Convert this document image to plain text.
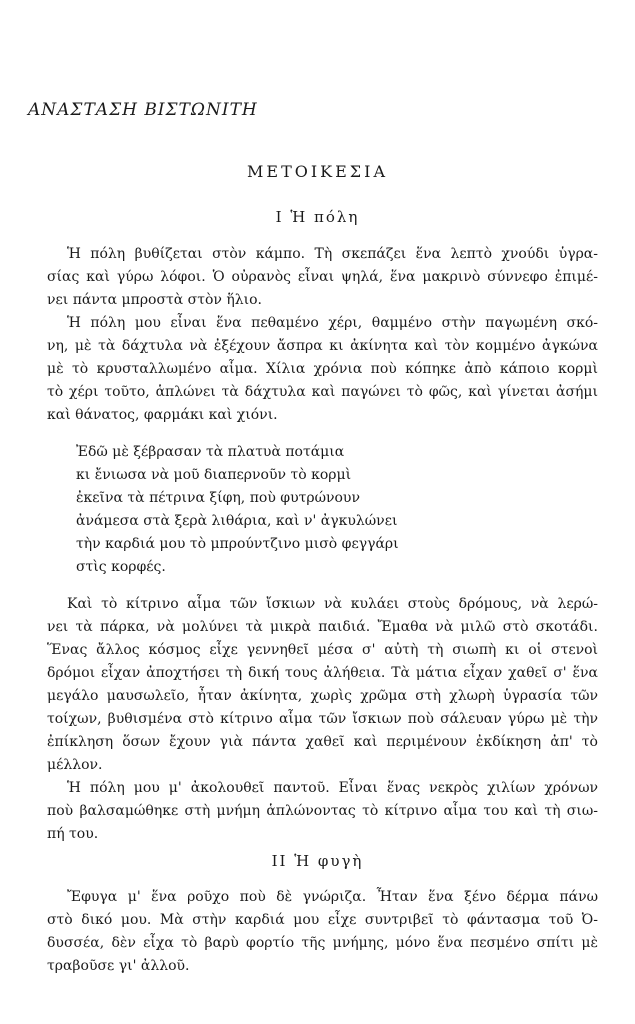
ΑΝΑΣΤΑΣΗ ΒΙΣΤΩΝΙΤΗ
ΜΕΤΟΙΚΕΣΙΑ
I Ἡ πόλη
Ἡ πόλη βυθίζεται στὸν κάμπο. Τὴ σκεπάζει ἕνα λεπτὸ χνούδι ὑγρα-
σίας καὶ γύρω λόφοι. Ὁ οὐρανὸς εἶναι ψηλά, ἕνα μακρινὸ σύννεφο ἐπιμέ-
νει πάντα μπροστὰ στὸν ἥλιο.
Ἡ πόλη μου εἶναι ἕνα πεθαμένο χέρι, θαμμένο στὴν παγωμένη σκό-
νη, μὲ τὰ δάχτυλα νὰ ἐξέχουν ἄσπρα κι ἀκίνητα καὶ τὸν κομμένο ἀγκώνα
μὲ τὸ κρυσταλλωμένο αἷμα. Χίλια χρόνια ποὺ κόπηκε ἀπὸ κάποιο κορμὶ
τὸ χέρι τοῦτο, ἁπλώνει τὰ δάχτυλα καὶ παγώνει τὸ φῶς, καὶ γίνεται ἀσήμι
καὶ θάνατος, φαρμάκι καὶ χιόνι.
Ἐδῶ μὲ ξέβρασαν τὰ πλατυὰ ποτάμια
κι ἔνιωσα νὰ μοῦ διαπερνοῦν τὸ κορμὶ
ἐκεῖνα τὰ πέτρινα ξίφη, ποὺ φυτρώνουν
ἀνάμεσα στὰ ξερὰ λιθάρια, καὶ ν' ἀγκυλώνει
τὴν καρδιά μου τὸ μπρούντζινο μισὸ φεγγάρι
στὶς κορφές.
Καὶ τὸ κίτρινο αἷμα τῶν ἴσκιων νὰ κυλάει στοὺς δρόμους, νὰ λερώ-
νει τὰ πάρκα, νὰ μολύνει τὰ μικρὰ παιδιά. Ἔμαθα νὰ μιλῶ στὸ σκοτάδι.
Ἕνας ἄλλος κόσμος εἶχε γεννηθεῖ μέσα σ' αὐτὴ τὴ σιωπὴ κι οἱ στενοὶ
δρόμοι εἶχαν ἀποχτήσει τὴ δική τους ἀλήθεια. Τὰ μάτια εἶχαν χαθεῖ σ' ἕνα
μεγάλο μαυσωλεῖο, ἦταν ἀκίνητα, χωρὶς χρῶμα στὴ χλωρὴ ὑγρασία τῶν
τοίχων, βυθισμένα στὸ κίτρινο αἷμα τῶν ἴσκιων ποὺ σάλευαν γύρω μὲ τὴν
ἐπίκληση ὅσων ἔχουν γιὰ πάντα χαθεῖ καὶ περιμένουν ἐκδίκηση ἀπ' τὸ
μέλλον.
Ἡ πόλη μου μ' ἀκολουθεῖ παντοῦ. Εἶναι ἕνας νεκρὸς χιλίων χρόνων
ποὺ βαλσαμώθηκε στὴ μνήμη ἁπλώνοντας τὸ κίτρινο αἷμα του καὶ τὴ σιω-
πή του.
II Ἡ φυγὴ
Ἔφυγα μ' ἕνα ροῦχο ποὺ δὲ γνώριζα. Ἦταν ἕνα ξένο δέρμα πάνω
στὸ δικό μου. Μὰ στὴν καρδιά μου εἶχε συντριβεῖ τὸ φάντασμα τοῦ Ὀ-
δυσσέα, δὲν εἶχα τὸ βαρὺ φορτίο τῆς μνήμης, μόνο ἕνα πεσμένο σπίτι μὲ
τραβοῦσε γι' ἀλλοῦ.
